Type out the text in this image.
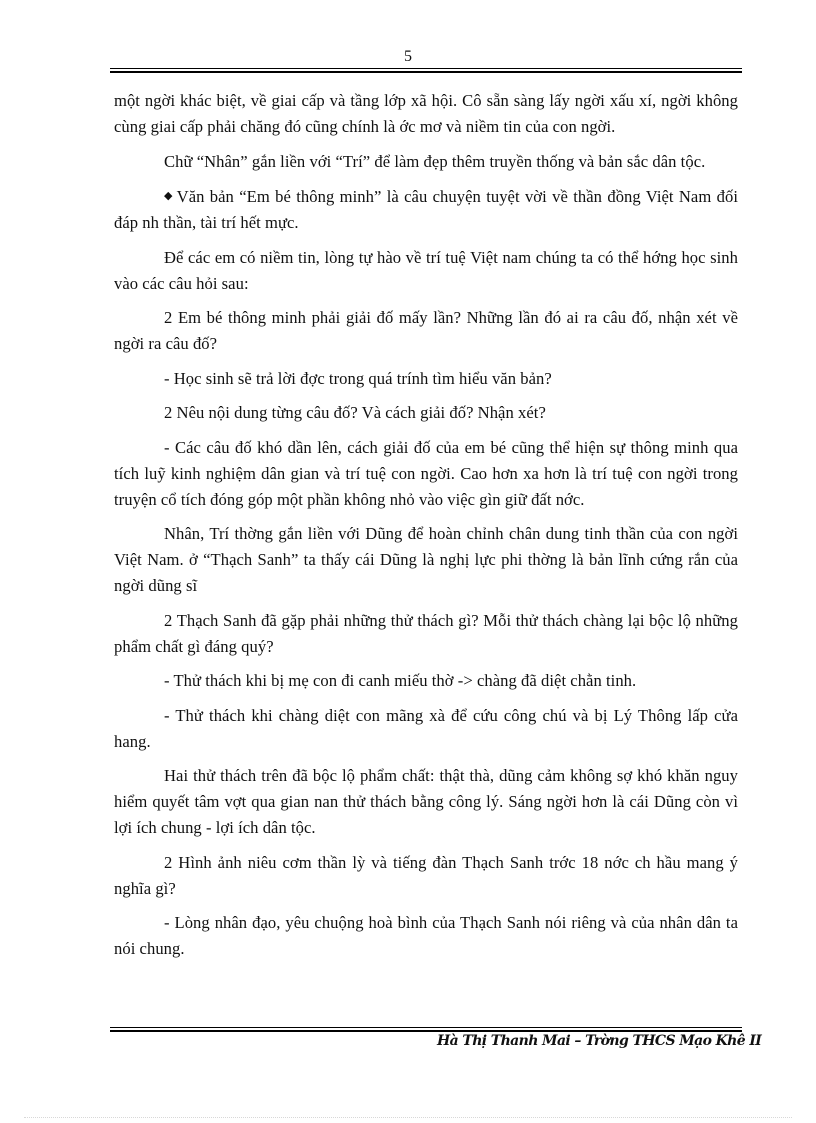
5

một ngời khác biệt, về giai cấp và tầng lớp xã hội. Cô sẵn sàng lấy ngời xấu xí, ngời không cùng giai cấp phải chăng đó cũng chính là ớc mơ và niềm tin của con ngời.

Chữ “Nhân” gắn liền với “Trí” để làm đẹp thêm truyền thống và bản sắc dân tộc.

◆ Văn bản “Em bé thông minh” là câu chuyện tuyệt vời về thần đồng Việt Nam đối đáp nh thần, tài trí hết mực.

Để các em có niềm tin, lòng tự hào về trí tuệ Việt nam chúng ta có thể hớng học sinh vào các câu hỏi sau:

2 Em bé thông minh phải giải đố mấy lần? Những lần đó ai ra câu đố, nhận xét về ngời ra câu đố?

- Học sinh sẽ trả lời đợc trong quá trính tìm hiểu văn bản?

2 Nêu nội dung từng câu đố? Và cách giải đố? Nhận xét?

- Các câu đố khó dần lên, cách giải đố của em bé cũng thể hiện sự thông minh qua tích luỹ kinh nghiệm dân gian và trí tuệ con ngời. Cao hơn xa hơn là trí tuệ con ngời trong truyện cổ tích đóng góp một phần không nhỏ vào việc gìn giữ đất nớc.

Nhân, Trí thờng gắn liền với Dũng để hoàn chỉnh chân dung tinh thần của con ngời Việt Nam. ở “Thạch Sanh” ta thấy cái Dũng là nghị lực phi thờng là bản lĩnh cứng rắn của ngời dũng sĩ

2 Thạch Sanh đã gặp phải những thử thách gì? Mỗi thử thách chàng lại bộc lộ những phẩm chất gì đáng quý?

- Thử thách khi bị mẹ con đi canh miếu thờ -> chàng đã diệt chằn tinh.

- Thử thách khi chàng diệt con mãng xà để cứu công chú và bị Lý Thông lấp cửa hang.

Hai thử thách trên đã bộc lộ phẩm chất: thật thà, dũng cảm không sợ khó khăn nguy hiểm quyết tâm vợt qua gian nan thử thách bằng công lý. Sáng ngời hơn là cái Dũng còn vì lợi ích chung - lợi ích dân tộc.

2 Hình ảnh niêu cơm thần lỳ và tiếng đàn Thạch Sanh trớc 18 nớc ch hầu mang ý nghĩa gì?

- Lòng nhân đạo, yêu chuộng hoà bình của Thạch Sanh nói riêng và của nhân dân ta nói chung.

Hà Thị Thanh Mai – Trờng THCS Mạo Khê II
